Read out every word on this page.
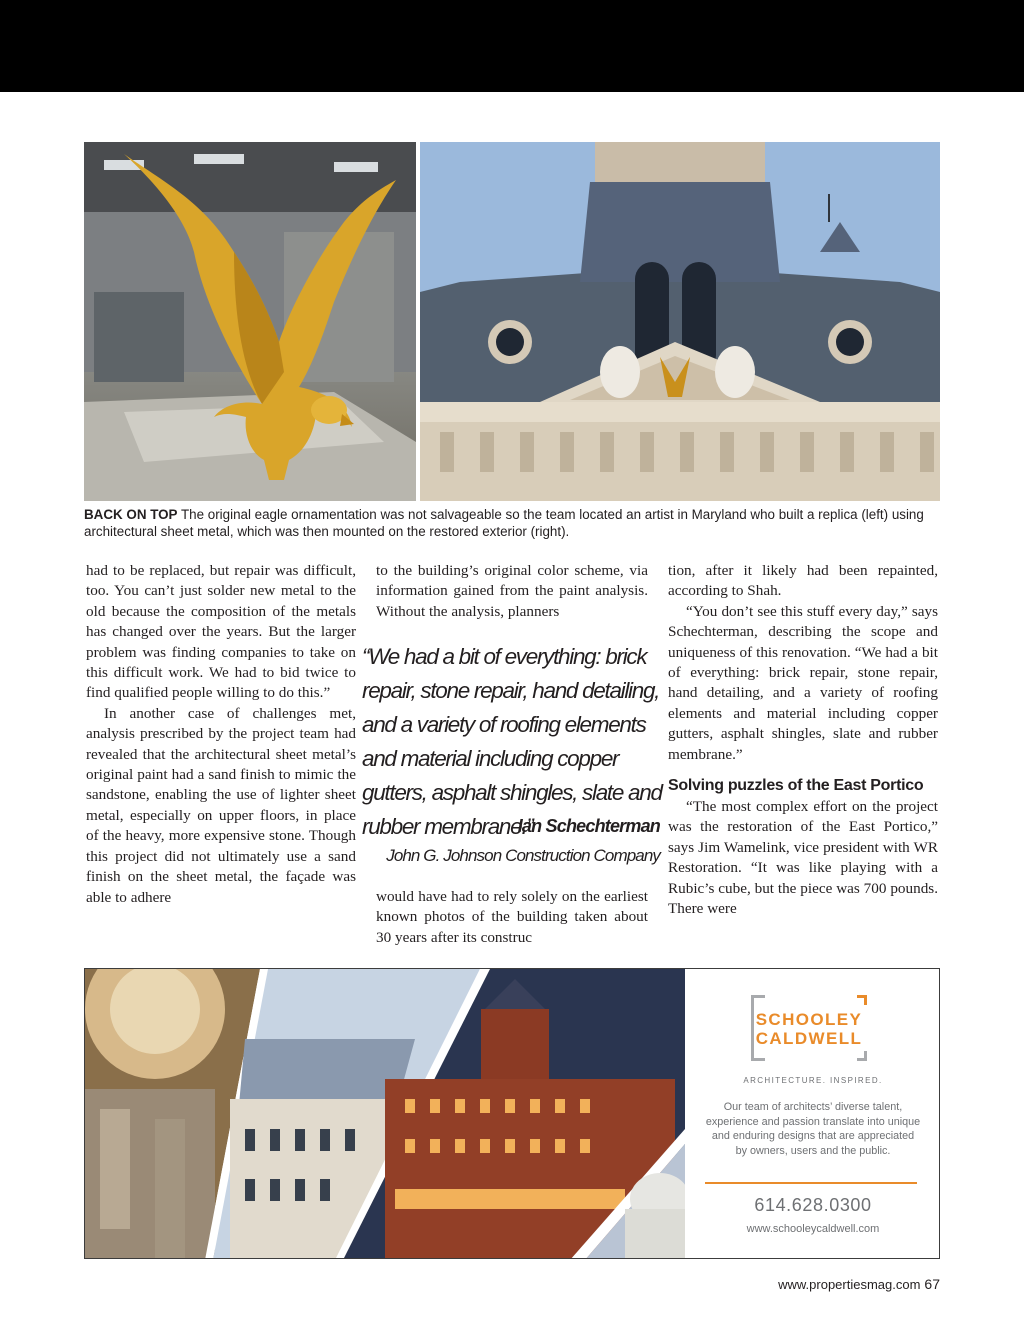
BACK ON TOP The original eagle ornamentation was not salvageable so the team located an artist in Maryland who built a replica (left) using architectural sheet metal, which was then mounted on the restored exterior (right).

had to be replaced, but repair was difficult, too. You can’t just solder new metal to the old because the composition of the metals has changed over the years. But the larger problem was finding companies to take on this difficult work. We had to bid twice to find qualified people willing to do this.”

In another case of challenges met, analysis prescribed by the project team had revealed that the architectural sheet metal’s original paint had a sand finish to mimic the sandstone, enabling the use of lighter sheet metal, especially on upper floors, in place of the heavy, more expensive stone. Though this project did not ultimately use a sand finish on the sheet metal, the façade was able to adhere

to the building’s original color scheme, via information gained from the paint analysis. Without the analysis, planners

“We had a bit of everything: brick repair, stone repair, hand detailing, and a variety of roofing elements and material including copper gutters, asphalt shingles, slate and rubber membrane.”
Ian Schechterman
John G. Johnson Construction Company

would have had to rely solely on the earliest known photos of the building taken about 30 years after its construc

tion, after it likely had been repainted, according to Shah.

“You don’t see this stuff every day,” says Schechterman, describing the scope and uniqueness of this renovation. “We had a bit of everything: brick repair, stone repair, hand detailing, and a variety of roofing elements and material including copper gutters, asphalt shingles, slate and rubber membrane.”

Solving puzzles of the East Portico

“The most complex effort on the project was the restoration of the East Portico,” says Jim Wamelink, vice president with WR Restoration. “It was like playing with a Rubic’s cube, but the piece was 700 pounds. There were

SCHOOLEY
CALDWELL
ARCHITECTURE. INSPIRED.
Our team of architects’ diverse talent, experience and passion translate into unique and enduring designs that are appreciated by owners, users and the public.
614.628.0300
www.schooleycaldwell.com
www.propertiesmag.com 67
